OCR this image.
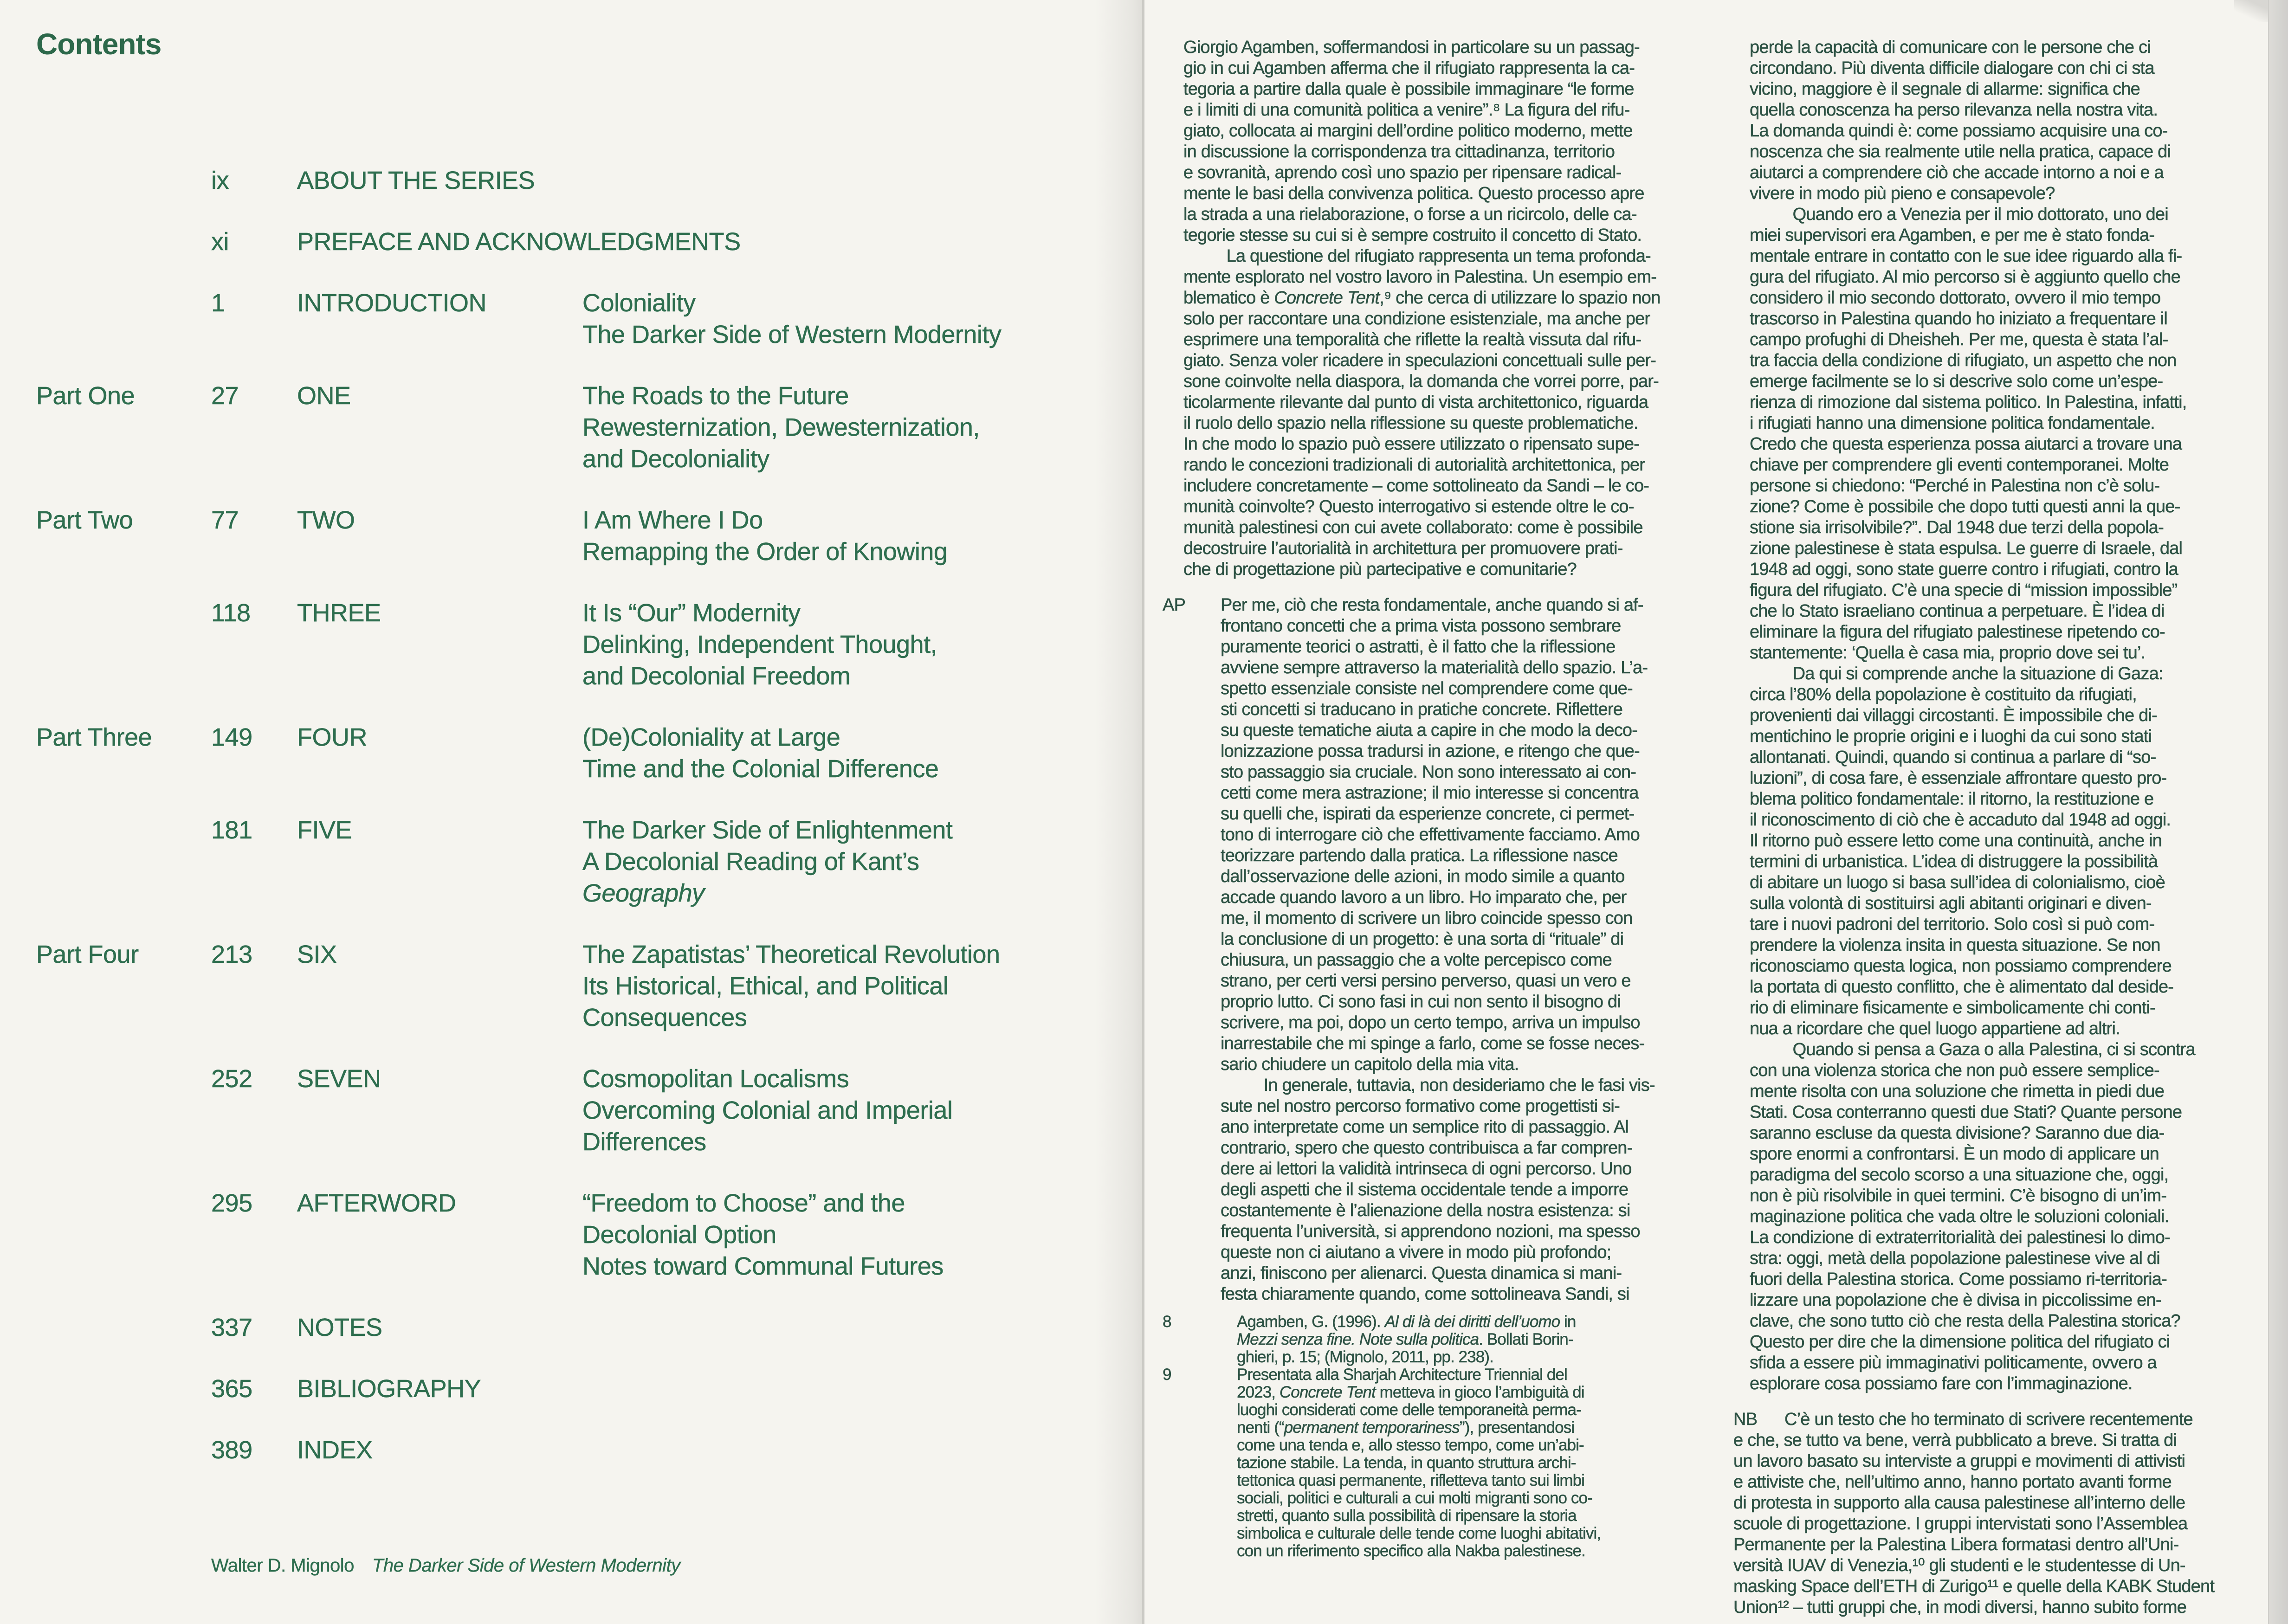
Contents
ix	ABOUT THE SERIES
xi	PREFACE AND ACKNOWLEDGMENTS
1	INTRODUCTION	Coloniality
The Darker Side of Western Modernity
Part One	27 ONE	The Roads to the Future
Rewesternization, Dewesternization,
and Decoloniality
Part Two	77 TWO	I Am Where I Do
Remapping the Order of Knowing
118 THREE	It Is “Our” Modernity
Delinking, Independent Thought,
and Decolonial Freedom
Part Three 149 FOUR	(De)Coloniality at Large
Time and the Colonial Difference
181 FIVE	The Darker Side of Enlightenment
A Decolonial Reading of Kant’s
Geography
Part Four	213 SIX	The Zapatistas’ Theoretical Revolution
Its Historical, Ethical, and Political
Consequences
252 SEVEN	Cosmopolitan Localisms
Overcoming Colonial and Imperial
Differences
295 AFTERWORD	“Freedom to Choose” and the
Decolonial Option
Notes toward Communal Futures
337 NOTES
365 BIBLIOGRAPHY
389 INDEX
Walter D. Mignolo  The Darker Side of Western Modernity
Giorgio Agamben, soffermandosi in particolare su un passag-
gio in cui Agamben afferma che il rifugiato rappresenta la ca-
tegoria a partire dalla quale è possibile immaginare “le forme
e i limiti di una comunità politica a venire”.⁸ La figura del rifu-
giato, collocata ai margini dell’ordine politico moderno, mette
in discussione la corrispondenza tra cittadinanza, territorio
e sovranità, aprendo così uno spazio per ripensare radical-
mente le basi della convivenza politica. Questo processo apre
la strada a una rielaborazione, o forse a un ricircolo, delle ca-
tegorie stesse su cui si è sempre costruito il concetto di Stato.
   La questione del rifugiato rappresenta un tema profonda-
mente esplorato nel vostro lavoro in Palestina. Un esempio em-
blematico è Concrete Tent,⁹ che cerca di utilizzare lo spazio non
solo per raccontare una condizione esistenziale, ma anche per
esprimere una temporalità che riflette la realtà vissuta dal rifu-
giato. Senza voler ricadere in speculazioni concettuali sulle per-
sone coinvolte nella diaspora, la domanda che vorrei porre, par-
ticolarmente rilevante dal punto di vista architettonico, riguarda
il ruolo dello spazio nella riflessione su queste problematiche.
In che modo lo spazio può essere utilizzato o ripensato supe-
rando le concezioni tradizionali di autorialità architettonica, per
includere concretamente – come sottolineato da Sandi – le co-
munità coinvolte? Questo interrogativo si estende oltre le co-
munità palestinesi con cui avete collaborato: come è possibile
decostruire l’autorialità in architettura per promuovere prati-
che di progettazione più partecipative e comunitarie?
AP Per me, ciò che resta fondamentale, anche quando si af-
frontano concetti che a prima vista possono sembrare
puramente teorici o astratti, è il fatto che la riflessione
avviene sempre attraverso la materialità dello spazio. L’a-
spetto essenziale consiste nel comprendere come que-
sti concetti si traducano in pratiche concrete. Riflettere
su queste tematiche aiuta a capire in che modo la deco-
lonizzazione possa tradursi in azione, e ritengo che que-
sto passaggio sia cruciale. Non sono interessato ai con-
cetti come mera astrazione; il mio interesse si concentra
su quelli che, ispirati da esperienze concrete, ci permet-
tono di interrogare ciò che effettivamente facciamo. Amo
teorizzare partendo dalla pratica. La riflessione nasce
dall’osservazione delle azioni, in modo simile a quanto
accade quando lavoro a un libro. Ho imparato che, per
me, il momento di scrivere un libro coincide spesso con
la conclusione di un progetto: è una sorta di “rituale” di
chiusura, un passaggio che a volte percepisco come
strano, per certi versi persino perverso, quasi un vero e
proprio lutto. Ci sono fasi in cui non sento il bisogno di
scrivere, ma poi, dopo un certo tempo, arriva un impulso
inarrestabile che mi spinge a farlo, come se fosse neces-
sario chiudere un capitolo della mia vita.
   In generale, tuttavia, non desideriamo che le fasi vis-
sute nel nostro percorso formativo come progettisti si-
ano interpretate come un semplice rito di passaggio. Al
contrario, spero che questo contribuisca a far compren-
dere ai lettori la validità intrinseca di ogni percorso. Uno
degli aspetti che il sistema occidentale tende a imporre
costantemente è l’alienazione della nostra esistenza: si
frequenta l’università, si apprendono nozioni, ma spesso
queste non ci aiutano a vivere in modo più profondo;
anzi, finiscono per alienarci. Questa dinamica si mani-
festa chiaramente quando, come sottolineava Sandi, si
8	Agamben, G. (1996). Al di là dei diritti dell’uomo in
Mezzi senza fine. Note sulla politica. Bollati Borin-
ghieri, p. 15; (Mignolo, 2011, pp. 238).
9	Presentata alla Sharjah Architecture Triennial del
2023, Concrete Tent metteva in gioco l’ambiguità di
luoghi considerati come delle temporaneità perma-
nenti (“permanent temporariness”), presentandosi
come una tenda e, allo stesso tempo, come un’abi-
tazione stabile. La tenda, in quanto struttura archi-
tettonica quasi permanente, rifletteva tanto sui limbi
sociali, politici e culturali a cui molti migranti sono co-
stretti, quanto sulla possibilità di ripensare la storia
simbolica e culturale delle tende come luoghi abitativi,
con un riferimento specifico alla Nakba palestinese.
perde la capacità di comunicare con le persone che ci
circondano. Più diventa difficile dialogare con chi ci sta
vicino, maggiore è il segnale di allarme: significa che
quella conoscenza ha perso rilevanza nella nostra vita.
La domanda quindi è: come possiamo acquisire una co-
noscenza che sia realmente utile nella pratica, capace di
aiutarci a comprendere ciò che accade intorno a noi e a
vivere in modo più pieno e consapevole?
   Quando ero a Venezia per il mio dottorato, uno dei
miei supervisori era Agamben, e per me è stato fonda-
mentale entrare in contatto con le sue idee riguardo alla fi-
gura del rifugiato. Al mio percorso si è aggiunto quello che
considero il mio secondo dottorato, ovvero il mio tempo
trascorso in Palestina quando ho iniziato a frequentare il
campo profughi di Dheisheh. Per me, questa è stata l’al-
tra faccia della condizione di rifugiato, un aspetto che non
emerge facilmente se lo si descrive solo come un’espe-
rienza di rimozione dal sistema politico. In Palestina, infatti,
i rifugiati hanno una dimensione politica fondamentale.
Credo che questa esperienza possa aiutarci a trovare una
chiave per comprendere gli eventi contemporanei. Molte
persone si chiedono: “Perché in Palestina non c’è solu-
zione? Come è possibile che dopo tutti questi anni la que-
stione sia irrisolvibile?”. Dal 1948 due terzi della popola-
zione palestinese è stata espulsa. Le guerre di Israele, dal
1948 ad oggi, sono state guerre contro i rifugiati, contro la
figura del rifugiato. C’è una specie di “mission impossible”
che lo Stato israeliano continua a perpetuare. È l’idea di
eliminare la figura del rifugiato palestinese ripetendo co-
stantemente: ‘Quella è casa mia, proprio dove sei tu’.
   Da qui si comprende anche la situazione di Gaza:
circa l’80% della popolazione è costituito da rifugiati,
provenienti dai villaggi circostanti. È impossibile che di-
mentichino le proprie origini e i luoghi da cui sono stati
allontanati. Quindi, quando si continua a parlare di “so-
luzioni”, di cosa fare, è essenziale affrontare questo pro-
blema politico fondamentale: il ritorno, la restituzione e
il riconoscimento di ciò che è accaduto dal 1948 ad oggi.
Il ritorno può essere letto come una continuità, anche in
termini di urbanistica. L’idea di distruggere la possibilità
di abitare un luogo si basa sull’idea di colonialismo, cioè
sulla volontà di sostituirsi agli abitanti originari e diven-
tare i nuovi padroni del territorio. Solo così si può com-
prendere la violenza insita in questa situazione. Se non
riconosciamo questa logica, non possiamo comprendere
la portata di questo conflitto, che è alimentato dal deside-
rio di eliminare fisicamente e simbolicamente chi conti-
nua a ricordare che quel luogo appartiene ad altri.
   Quando si pensa a Gaza o alla Palestina, ci si scontra
con una violenza storica che non può essere semplice-
mente risolta con una soluzione che rimetta in piedi due
Stati. Cosa conterranno questi due Stati? Quante persone
saranno escluse da questa divisione? Saranno due dia-
spore enormi a confrontarsi. È un modo di applicare un
paradigma del secolo scorso a una situazione che, oggi,
non è più risolvibile in quei termini. C’è bisogno di un’im-
maginazione politica che vada oltre le soluzioni coloniali.
La condizione di extraterritorialità dei palestinesi lo dimo-
stra: oggi, metà della popolazione palestinese vive al di
fuori della Palestina storica. Come possiamo ri-territoria-
lizzare una popolazione che è divisa in piccolissime en-
clave, che sono tutto ciò che resta della Palestina storica?
Questo per dire che la dimensione politica del rifugiato ci
sfida a essere più immaginativi politicamente, ovvero a
esplorare cosa possiamo fare con l’immaginazione.
NB C’è un testo che ho terminato di scrivere recentemente
e che, se tutto va bene, verrà pubblicato a breve. Si tratta di
un lavoro basato su interviste a gruppi e movimenti di attivisti
e attiviste che, nell’ultimo anno, hanno portato avanti forme
di protesta in supporto alla causa palestinese all’interno delle
scuole di progettazione. I gruppi intervistati sono l’Assemblea
Permanente per la Palestina Libera formatasi dentro all’Uni-
versità IUAV di Venezia,¹⁰ gli studenti e le studentesse di Un-
masking Space dell’ETH di Zurigo¹¹ e quelle della KABK Student
Union¹² – tutti gruppi che, in modi diversi, hanno subito forme
